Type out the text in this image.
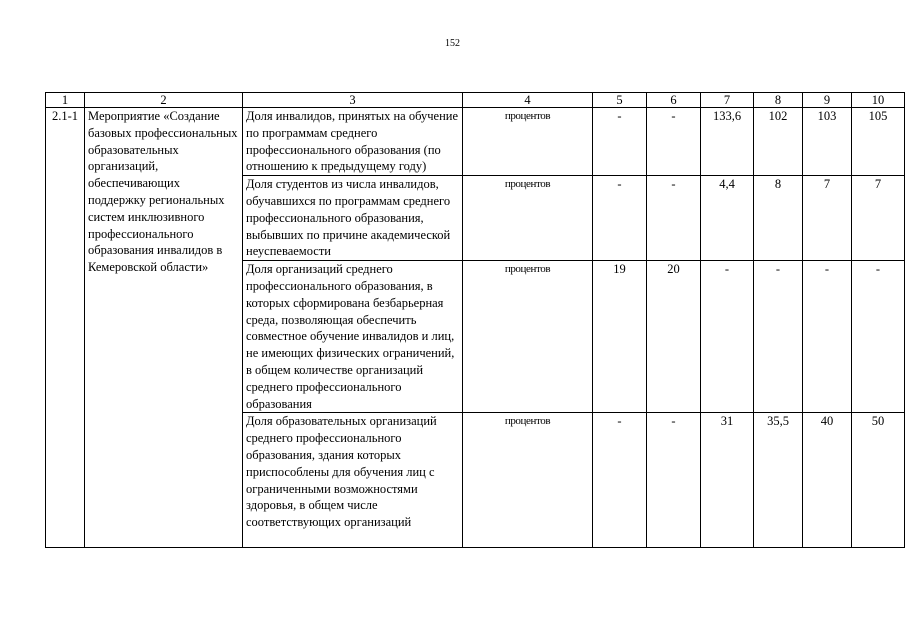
152
1	2	3	4	5	6	7	8	9	10
2.1-1	Мероприятие «Создание базовых профессиональных образовательных организаций, обеспечивающих поддержку региональных систем инклюзивного профессионального образования инвалидов в Кемеровской области»	Доля инвалидов, принятых на обучение по программам среднего профессионального образования (по отношению к предыдущему году)	процентов	-	-	133,6	102	103	105
		Доля студентов из числа инвалидов, обучавшихся по программам среднего профессионального образования, выбывших по причине академической неуспеваемости	процентов	-	-	4,4	8	7	7
		Доля организаций среднего профессионального образования, в которых сформирована безбарьерная среда, позволяющая обеспечить совместное обучение инвалидов и лиц, не имеющих физических ограничений, в общем количестве организаций среднего профессионального образования	процентов	19	20	-	-	-	-
		Доля образовательных организаций среднего профессионального образования, здания которых приспособлены для обучения лиц с ограниченными возможностями здоровья, в общем числе соответствующих организаций	процентов	-	-	31	35,5	40	50
